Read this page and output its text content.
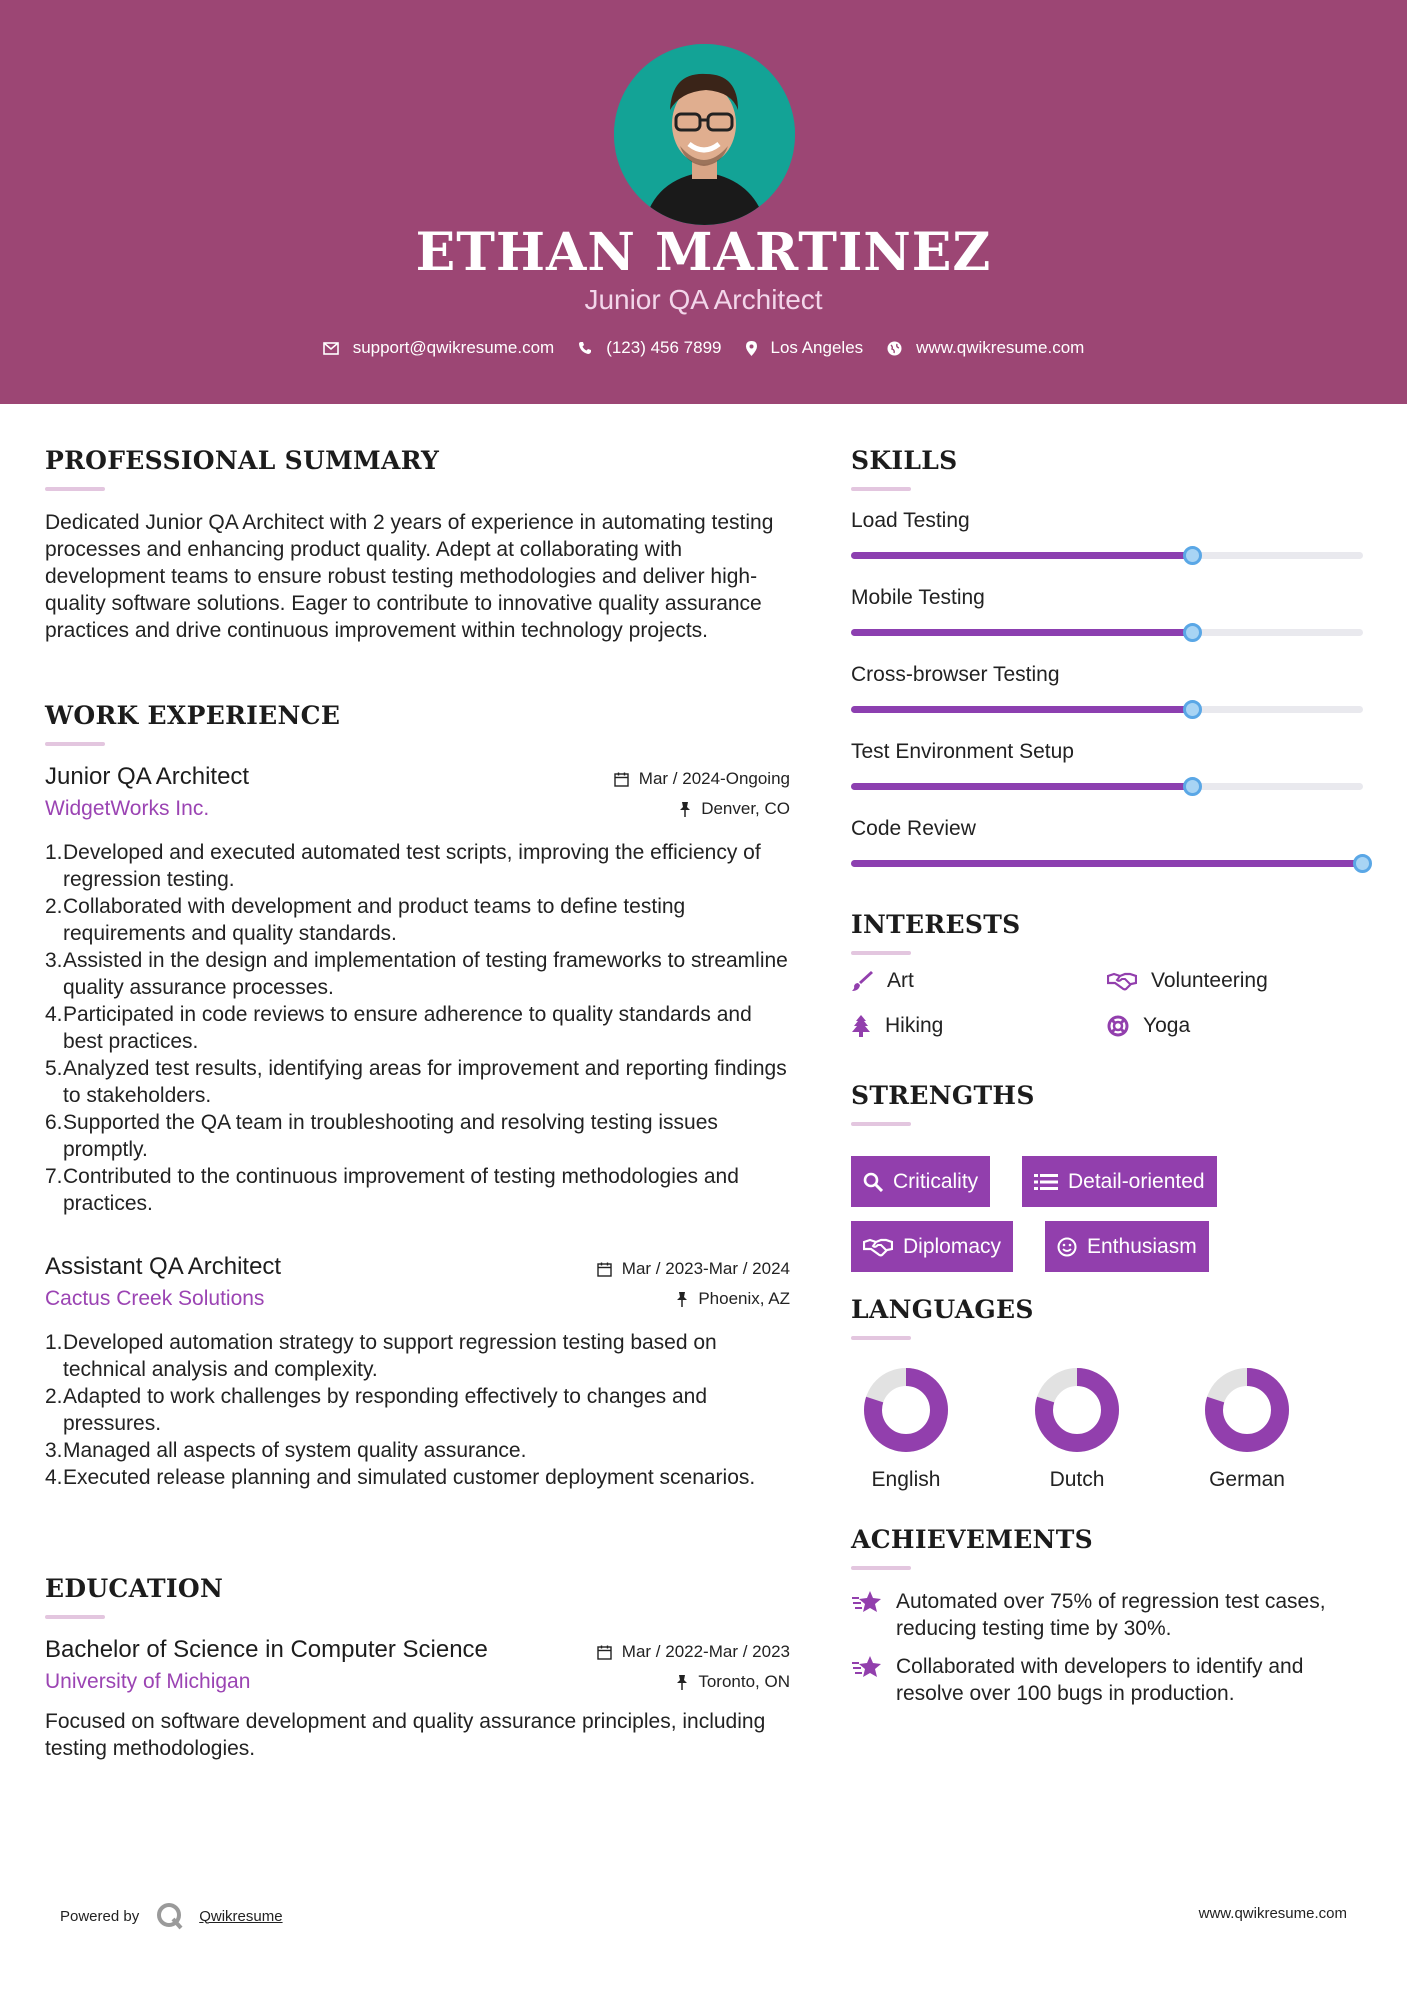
ETHAN MARTINEZ
Junior QA Architect
support@qwikresume.com	(123) 456 7899	Los Angeles	www.qwikresume.com
PROFESSIONAL SUMMARY
Dedicated Junior QA Architect with 2 years of experience in automating testing processes and enhancing product quality. Adept at collaborating with development teams to ensure robust testing methodologies and deliver high-quality software solutions. Eager to contribute to innovative quality assurance practices and drive continuous improvement within technology projects.
WORK EXPERIENCE
Junior QA Architect	Mar / 2024-Ongoing
WidgetWorks Inc.	Denver, CO
1. Developed and executed automated test scripts, improving the efficiency of regression testing.
2. Collaborated with development and product teams to define testing requirements and quality standards.
3. Assisted in the design and implementation of testing frameworks to streamline quality assurance processes.
4. Participated in code reviews to ensure adherence to quality standards and best practices.
5. Analyzed test results, identifying areas for improvement and reporting findings to stakeholders.
6. Supported the QA team in troubleshooting and resolving testing issues promptly.
7. Contributed to the continuous improvement of testing methodologies and practices.
Assistant QA Architect	Mar / 2023-Mar / 2024
Cactus Creek Solutions	Phoenix, AZ
1. Developed automation strategy to support regression testing based on technical analysis and complexity.
2. Adapted to work challenges by responding effectively to changes and pressures.
3. Managed all aspects of system quality assurance.
4. Executed release planning and simulated customer deployment scenarios.
EDUCATION
Bachelor of Science in Computer Science	Mar / 2022-Mar / 2023
University of Michigan	Toronto, ON
Focused on software development and quality assurance principles, including testing methodologies.
SKILLS
Load Testing
Mobile Testing
Cross-browser Testing
Test Environment Setup
Code Review
INTERESTS
Art	Volunteering
Hiking	Yoga
STRENGTHS
Criticality	Detail-oriented
Diplomacy	Enthusiasm
LANGUAGES
English	Dutch	German
ACHIEVEMENTS
Automated over 75% of regression test cases, reducing testing time by 30%.
Collaborated with developers to identify and resolve over 100 bugs in production.
Powered by	Qwikresume	www.qwikresume.com
